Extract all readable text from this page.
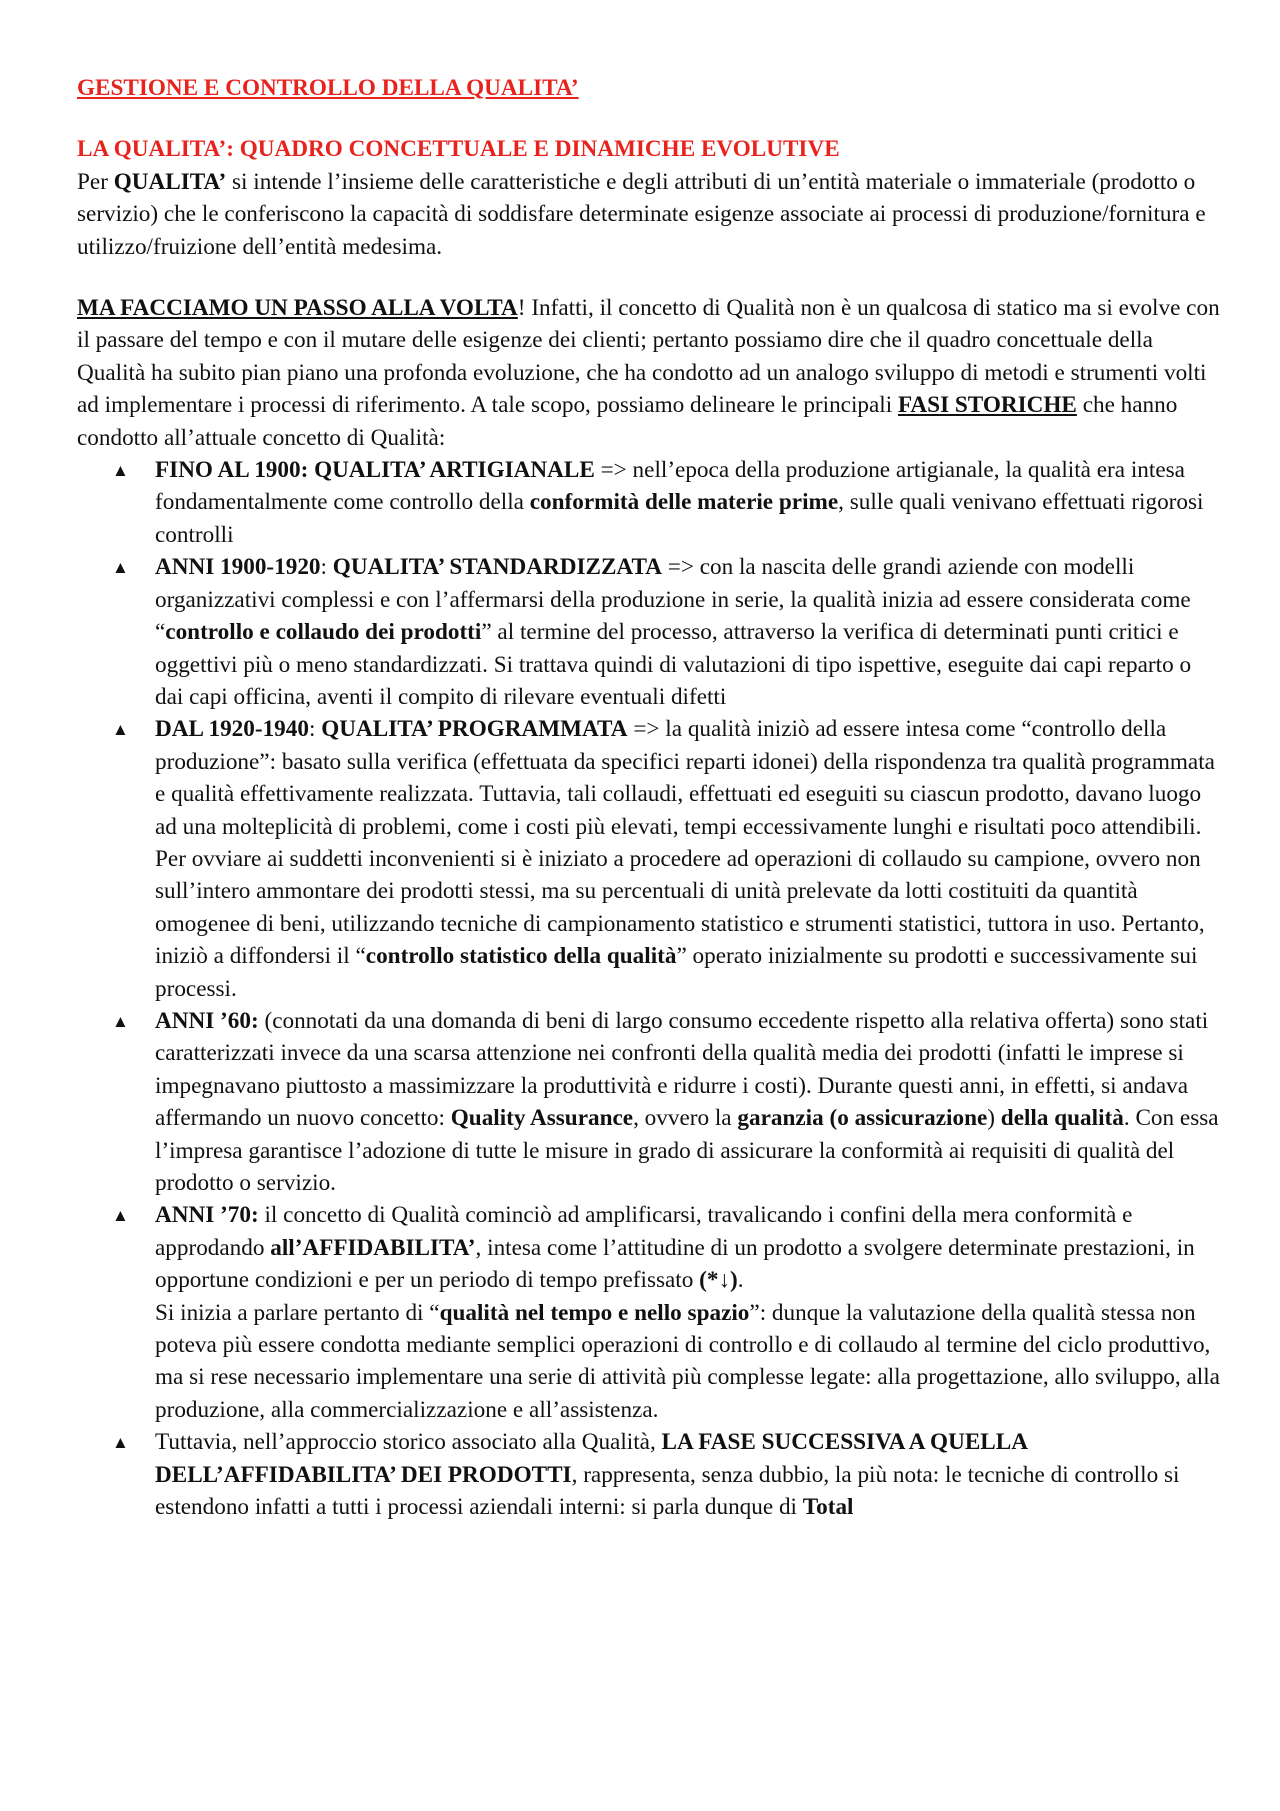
GESTIONE E CONTROLLO DELLA QUALITA’

LA QUALITA’: QUADRO CONCETTUALE E DINAMICHE EVOLUTIVE

Per QUALITA’ si intende l’insieme delle caratteristiche e degli attributi di un’entità materiale o immateriale (prodotto o servizio) che le conferiscono la capacità di soddisfare determinate esigenze associate ai processi di produzione/fornitura e utilizzo/fruizione dell’entità medesima.

MA FACCIAMO UN PASSO ALLA VOLTA! Infatti, il concetto di Qualità non è un qualcosa di statico ma si evolve con il passare del tempo e con il mutare delle esigenze dei clienti; pertanto possiamo dire che il quadro concettuale della Qualità ha subito pian piano una profonda evoluzione, che ha condotto ad un analogo sviluppo di metodi e strumenti volti ad implementare i processi di riferimento. A tale scopo, possiamo delineare le principali FASI STORICHE che hanno condotto all’attuale concetto di Qualità:

▲ FINO AL 1900: QUALITA’ ARTIGIANALE => nell’epoca della produzione artigianale, la qualità era intesa fondamentalmente come controllo della conformità delle materie prime, sulle quali venivano effettuati rigorosi controlli
▲ ANNI 1900-1920: QUALITA’ STANDARDIZZATA => con la nascita delle grandi aziende con modelli organizzativi complessi e con l’affermarsi della produzione in serie, la qualità inizia ad essere considerata come “controllo e collaudo dei prodotti” al termine del processo, attraverso la verifica di determinati punti critici e oggettivi più o meno standardizzati. Si trattava quindi di valutazioni di tipo ispettive, eseguite dai capi reparto o dai capi officina, aventi il compito di rilevare eventuali difetti
▲ DAL 1920-1940: QUALITA’ PROGRAMMATA => la qualità iniziò ad essere intesa come “controllo della produzione”: basato sulla verifica (effettuata da specifici reparti idonei) della rispondenza tra qualità programmata e qualità effettivamente realizzata. Tuttavia, tali collaudi, effettuati ed eseguiti su ciascun prodotto, davano luogo ad una molteplicità di problemi, come i costi più elevati, tempi eccessivamente lunghi e risultati poco attendibili.
Per ovviare ai suddetti inconvenienti si è iniziato a procedere ad operazioni di collaudo su campione, ovvero non sull’intero ammontare dei prodotti stessi, ma su percentuali di unità prelevate da lotti costituiti da quantità omogenee di beni, utilizzando tecniche di campionamento statistico e strumenti statistici, tuttora in uso. Pertanto, iniziò a diffondersi il “controllo statistico della qualità” operato inizialmente su prodotti e successivamente sui processi.
▲ ANNI ’60: (connotati da una domanda di beni di largo consumo eccedente rispetto alla relativa offerta) sono stati caratterizzati invece da una scarsa attenzione nei confronti della qualità media dei prodotti (infatti le imprese si impegnavano piuttosto a massimizzare la produttività e ridurre i costi). Durante questi anni, in effetti, si andava affermando un nuovo concetto: Quality Assurance, ovvero la garanzia (o assicurazione) della qualità. Con essa l’impresa garantisce l’adozione di tutte le misure in grado di assicurare la conformità ai requisiti di qualità del prodotto o servizio.
▲ ANNI ’70: il concetto di Qualità cominciò ad amplificarsi, travalicando i confini della mera conformità e approdando all’AFFIDABILITA’, intesa come l’attitudine di un prodotto a svolgere determinate prestazioni, in opportune condizioni e per un periodo di tempo prefissato (*↓).
Si inizia a parlare pertanto di “qualità nel tempo e nello spazio”: dunque la valutazione della qualità stessa non poteva più essere condotta mediante semplici operazioni di controllo e di collaudo al termine del ciclo produttivo, ma si rese necessario implementare una serie di attività più complesse legate: alla progettazione, allo sviluppo, alla produzione, alla commercializzazione e all’assistenza.
▲ Tuttavia, nell’approccio storico associato alla Qualità, LA FASE SUCCESSIVA A QUELLA DELL’AFFIDABILITA’ DEI PRODOTTI, rappresenta, senza dubbio, la più nota: le tecniche di controllo si estendono infatti a tutti i processi aziendali interni: si parla dunque di Total
